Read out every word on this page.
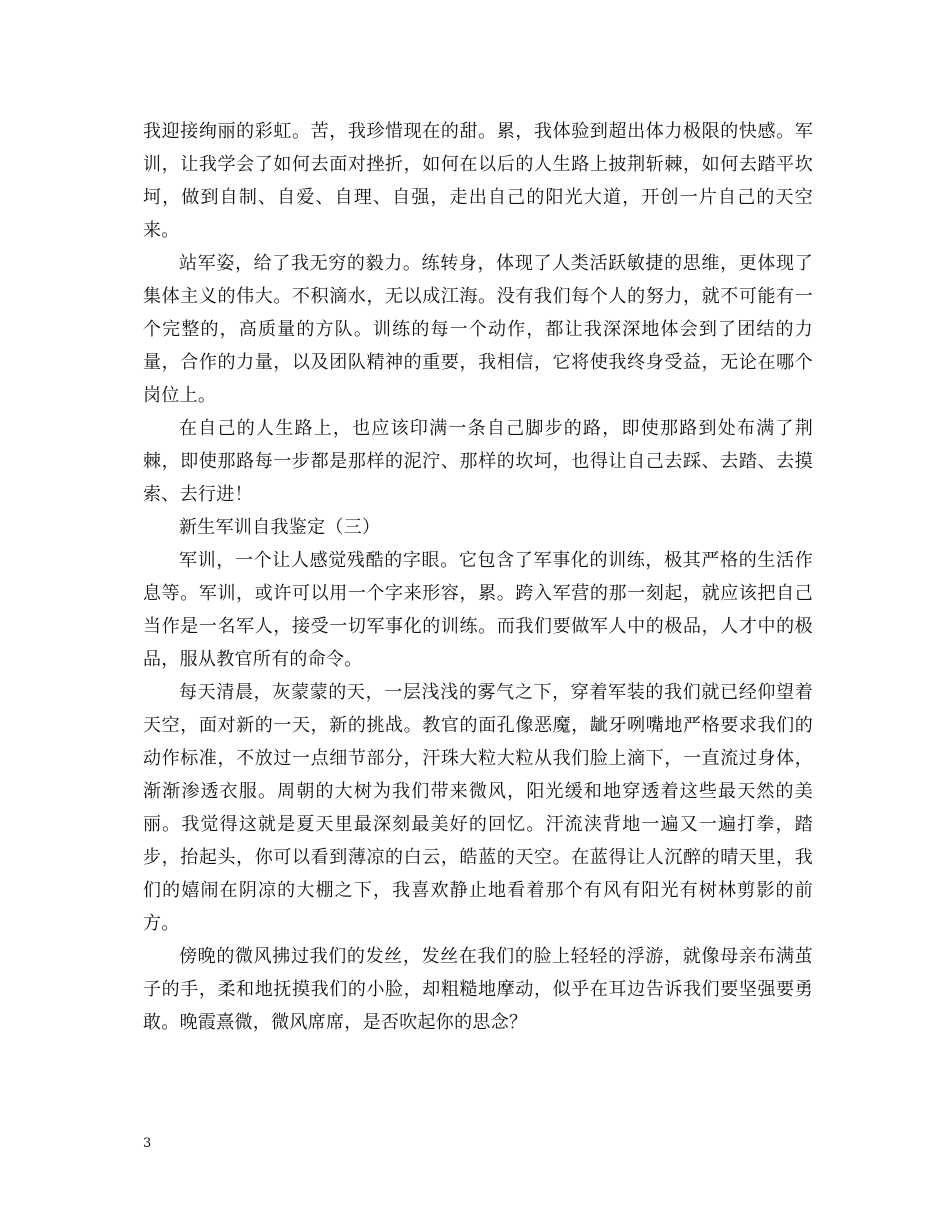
我迎接绚丽的彩虹。苦，我珍惜现在的甜。累，我体验到超出体力极限的快感。军训，让我学会了如何去面对挫折，如何在以后的人生路上披荆斩棘，如何去踏平坎坷，做到自制、自爱、自理、自强，走出自己的阳光大道，开创一片自己的天空来。

站军姿，给了我无穷的毅力。练转身，体现了人类活跃敏捷的思维，更体现了集体主义的伟大。不积滴水，无以成江海。没有我们每个人的努力，就不可能有一个完整的，高质量的方队。训练的每一个动作，都让我深深地体会到了团结的力量，合作的力量，以及团队精神的重要，我相信，它将使我终身受益，无论在哪个岗位上。

在自己的人生路上，也应该印满一条自己脚步的路，即使那路到处布满了荆棘，即使那路每一步都是那样的泥泞、那样的坎坷，也得让自己去踩、去踏、去摸索、去行进！

新生军训自我鉴定（三）

军训，一个让人感觉残酷的字眼。它包含了军事化的训练，极其严格的生活作息等。军训，或许可以用一个字来形容，累。跨入军营的那一刻起，就应该把自己当作是一名军人，接受一切军事化的训练。而我们要做军人中的极品，人才中的极品，服从教官所有的命令。

每天清晨，灰蒙蒙的天，一层浅浅的雾气之下，穿着军装的我们就已经仰望着天空，面对新的一天，新的挑战。教官的面孔像恶魔，龇牙咧嘴地严格要求我们的动作标准，不放过一点细节部分，汗珠大粒大粒从我们脸上滴下，一直流过身体，渐渐渗透衣服。周朝的大树为我们带来微风，阳光缓和地穿透着这些最天然的美丽。我觉得这就是夏天里最深刻最美好的回忆。汗流浃背地一遍又一遍打拳，踏步，抬起头，你可以看到薄凉的白云，皓蓝的天空。在蓝得让人沉醉的晴天里，我们的嬉闹在阴凉的大棚之下，我喜欢静止地看着那个有风有阳光有树林剪影的前方。

傍晚的微风拂过我们的发丝，发丝在我们的脸上轻轻的浮游，就像母亲布满茧子的手，柔和地抚摸我们的小脸，却粗糙地摩动，似乎在耳边告诉我们要坚强要勇敢。晚霞熹微，微风席席，是否吹起你的思念？

3
